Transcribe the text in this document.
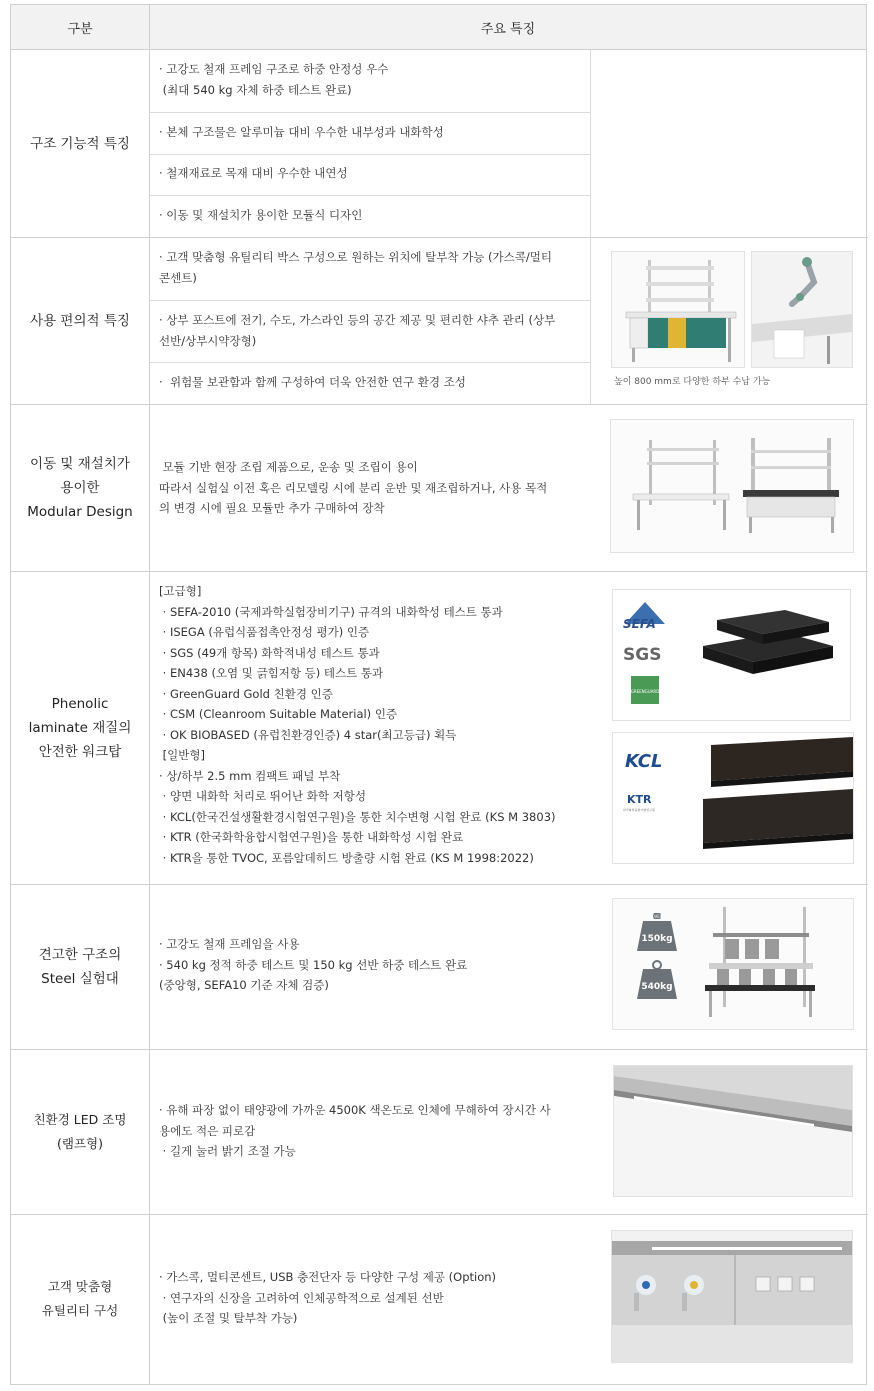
구분	주요 특징
구조 기능적 특징
사용 편의적 특징
이동 및 재설치가
용이한
Modular Design
Phenolic
laminate 재질의
안전한 워크탑
견고한 구조의
Steel 실험대
친환경 LED 조명
(램프형)
고객 맞춤형
유틸리티 구성
· 고강도 철재 프레임 구조로 하중 안정성 우수
(최대 540 kg 자체 하중 테스트 완료)
· 본체 구조물은 알루미늄 대비 우수한 내부성과 내화학성
· 철재재료로 목재 대비 우수한 내연성
· 이동 및 재설치가 용이한 모듈식 디자인
· 고객 맞춤형 유틸리티 박스 구성으로 원하는 위치에 탈부착 가능 (가스콕/멀티
콘센트)
· 상부 포스트에 전기, 수도, 가스라인 등의 공간 제공 및 편리한 샤추 관리 (상부
선반/상부시약장형)
·  위험물 보관함과 함께 구성하여 더욱 안전한 연구 환경 조성	높이 800 mm로 다양한 하부 수납 가능
모듈 기반 현장 조립 제품으로, 운송 및 조립이 용이
따라서 실험실 이전 혹은 리모델링 시에 분리 운반 및 재조립하거나, 사용 목적
의 변경 시에 필요 모듈만 추가 구매하여 장착
[고급형]
· SEFA-2010 (국제과학실험장비기구) 규격의 내화학성 테스트 통과
· ISEGA (유럽식품접촉안정성 평가) 인증
· SGS (49개 항목) 화학적내성 테스트 통과
· EN438 (오염 및 긁힘저항 등) 테스트 통과
· GreenGuard Gold 친환경 인증
· CSM (Cleanroom Suitable Material) 인증
· OK BIOBASED (유럽친환경인증) 4 star(최고등급) 획득
[일반형]
· 상/하부 2.5 mm 컴팩트 패널 부착
· 양면 내화학 처리로 뛰어난 화학 저항성
· KCL(한국건설생활환경시험연구원)을 통한 치수변형 시험 완료 (KS M 3803)
· KTR (한국화학융합시험연구원)을 통한 내화학성 시험 완료
· KTR을 통한 TVOC, 포름알데히드 방출량 시험 완료 (KS M 1998:2022)
SEFA
SGS
GREENGUARD
KCL
KTR
한국화학융합시험연구원
· 고강도 철재 프레임을 사용
· 540 kg 정적 하중 테스트 및 150 kg 선반 하중 테스트 완료
(중앙형, SEFA10 기준 자체 검증)
OVER
150kg
540kg
· 유해 파장 없이 태양광에 가까운 4500K 색온도로 인체에 무해하여 장시간 사
용에도 적은 피로감
· 길게 눌러 밝기 조절 가능
· 가스콕, 멀티콘센트, USB 충전단자 등 다양한 구성 제공 (Option)
· 연구자의 신장을 고려하여 인체공학적으로 설계된 선반
(높이 조절 및 탈부착 가능)
